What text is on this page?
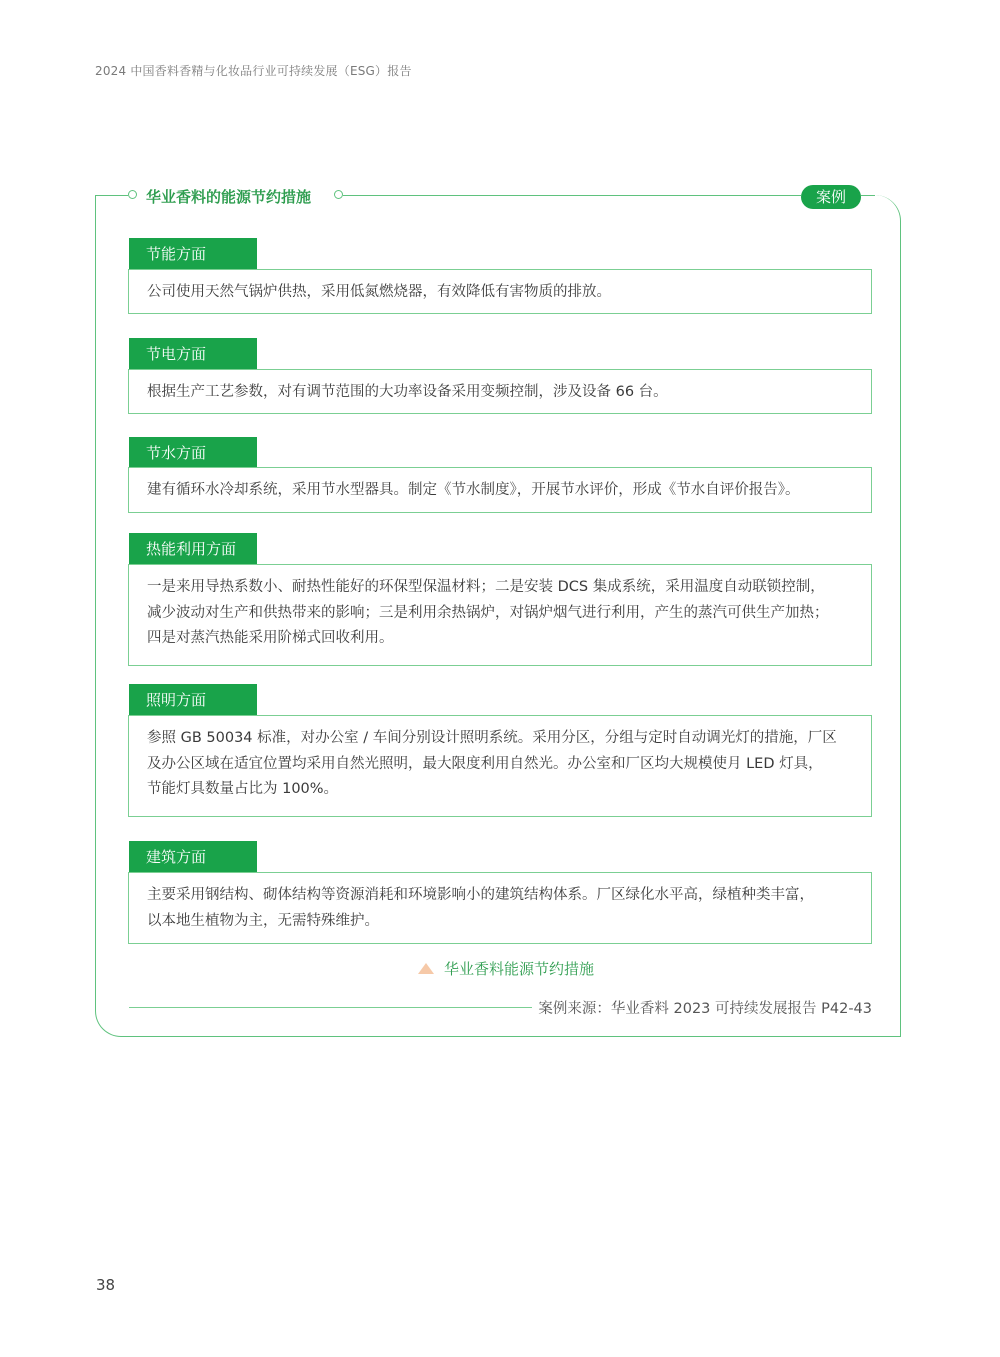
2024 中国香料香精与化妆品行业可持续发展（ESG）报告
华业香料的能源节约措施	案例
节能方面
公司使用天然气锅炉供热，采用低氮燃烧器，有效降低有害物质的排放。
节电方面
根据生产工艺参数，对有调节范围的大功率设备采用变频控制，涉及设备 66 台。
节水方面
建有循环水冷却系统，采用节水型器具。制定《节水制度》，开展节水评价，形成《节水自评价报告》。
热能利用方面
一是来用导热系数小、耐热性能好的环保型保温材料；二是安装 DCS 集成系统，采用温度自动联锁控制，
减少波动对生产和供热带来的影响；三是利用余热锅炉，对锅炉烟气进行利用，产生的蒸汽可供生产加热；
四是对蒸汽热能采用阶梯式回收利用。
照明方面
参照 GB 50034 标准，对办公室 / 车间分别设计照明系统。采用分区，分组与定时自动调光灯的措施，厂区
及办公区域在适宜位置均采用自然光照明，最大限度利用自然光。办公室和厂区均大规模使月 LED 灯具，
节能灯具数量占比为 100%。
建筑方面
主要采用钢结构、砌体结构等资源消耗和环境影响小的建筑结构体系。厂区绿化水平高，绿植种类丰富，
以本地生植物为主，无需特殊维护。
华业香料能源节约措施
案例来源：华业香料 2023 可持续发展报告 P42-43
38
